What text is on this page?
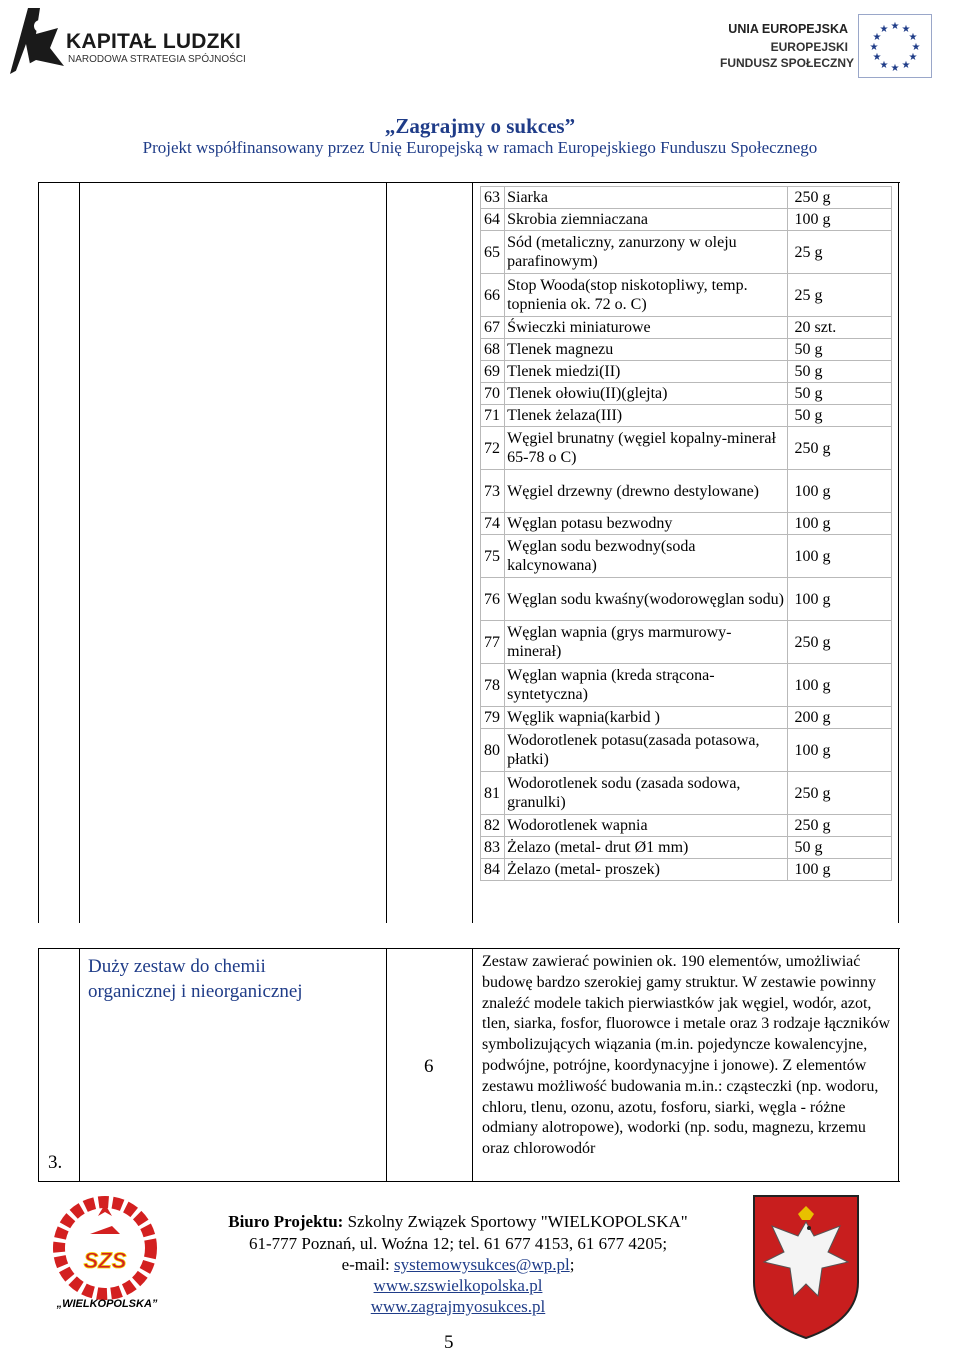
KAPITAŁ LUDZKI
NARODOWA STRATEGIA SPÓJNOŚCI
UNIA EUROPEJSKA
EUROPEJSKI
FUNDUSZ SPOŁECZNY
★ ★
★
★
★
★
★
★
★
★
★
★
„Zagrajmy o sukces”
Projekt współfinansowany przez Unię Europejską w ramach Europejskiego Funduszu Społecznego
63	Siarka	250 g
64	Skrobia ziemniaczana	100 g
65	Sód (metaliczny, zanurzony w oleju parafinowym)	25 g
66	Stop Wooda(stop niskotopliwy, temp. topnienia ok. 72 o. C)	25 g
67	Świeczki miniaturowe	20 szt.
68	Tlenek magnezu	50 g
69	Tlenek miedzi(II)	50 g
70	Tlenek ołowiu(II)(glejta)	50 g
71	Tlenek żelaza(III)	50 g
72	Węgiel brunatny (węgiel kopalny-minerał 65-78 o C)	250 g
73	Węgiel drzewny (drewno destylowane)	100 g
74	Węglan potasu bezwodny	100 g
75	Węglan sodu bezwodny(soda kalcynowana)	100 g
76	Węglan sodu kwaśny(wodorowęglan sodu)	100 g
77	Węglan wapnia (grys marmurowy-minerał)	250 g
78	Węglan wapnia (kreda strącona-syntetyczna)	100 g
79	Węglik wapnia(karbid )	200 g
80	Wodorotlenek potasu(zasada potasowa, płatki)	100 g
81	Wodorotlenek sodu (zasada sodowa, granulki)	250 g
82	Wodorotlenek wapnia	250 g
83	Żelazo (metal- drut Ø1 mm)	50 g
84	Żelazo (metal- proszek)	100 g
3.
Duży zestaw do chemii organicznej i nieorganicznej
6
Zestaw zawierać powinien ok. 190 elementów, umożliwiać budowę bardzo szerokiej gamy struktur. W zestawie powinny znaleźć modele takich pierwiastków jak węgiel, wodór, azot, tlen, siarka, fosfor, fluorowce i metale oraz 3 rodzaje łączników symbolizujących wiązania (m.in. pojedyncze kowalencyjne, podwójne, potrójne, koordynacyjne i jonowe). Z elementów zestawu możliwość budowania m.in.: cząsteczki (np. wodoru, chloru, tlenu, ozonu, azotu, fosforu, siarki, węgla - różne odmiany alotropowe), wodorki (np. sodu, magnezu, krzemu oraz chlorowodór
SZS
„WIELKOPOLSKA”
Biuro Projektu: Szkolny Związek Sportowy "WIELKOPOLSKA"
61-777 Poznań, ul. Woźna 12; tel. 61 677 4153, 61 677 4205;
e-mail: systemowysukces@wp.pl;
www.szswielkopolska.pl
www.zagrajmyosukces.pl
5
